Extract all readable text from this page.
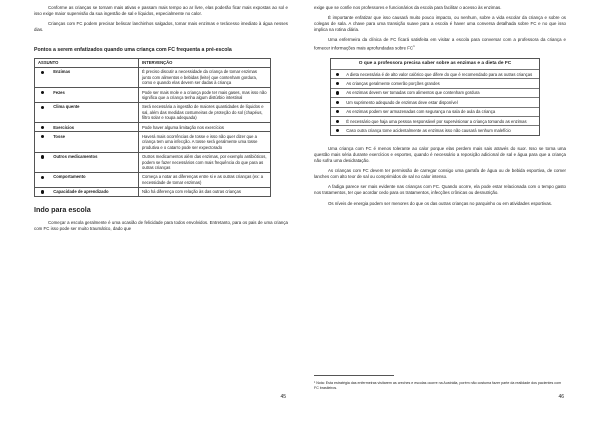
Conforme as crianças se tornam mais ativas e passam mais tempo ao ar livre, elas poderão ficar mais expostas ao sol e isso exige maior supervisão da sua ingestão de sal e líquidos, especialmente no calor.

Crianças com FC podem precisar beliscar lanchinhos salgados, tomar mais enzimas e terácesso imediato à água nesses dias.

Pontos a serem enfatizados quando uma criança com FC frequenta a pré-escola
ASSUNTO	INTERVENÇÃO
Enzimas	É preciso discutir a necessidade da criança de tomar enzimas junto com alimentos e bebidas (leite) que contenham gordura, como e quando elas devem ser dadas à criança
Fezes	Pode ser mais mole e a criança pode ter mais gases, mas isso não significa que a criança tenha algum distúrbio intestinal
Clima quente	Será necessária a ingestão de maiores quantidades de líquidos e sal, além das medidas costumeiras de proteção do sol (chapéus, filtro solar e roupa adequada)
Exercícios	Pode haver alguma limitação nos exercícios
Tosse	Haverá mais ocorrências de tosse e isso não quer dizer que a criança tem uma infecção. A tosse será geralmente uma tosse produtiva e o catarro pode ser expectorado
Outros medicamentos	Outros medicamentos além das enzimas, por exemplo antibióticos, podem se fazer necessários com mais frequência do que para as outras crianças
Comportamento	Começa a notar as diferenças entre si e as outras crianças (ex: a necessidade de tomar enzimas)
Capacidade de aprendizado	Não há diferença com relação às das outras crianças
Indo para escola

Começar a escola geralmente é uma ocasião de felicidade para todos envolvidos. Entretanto, para os pais de uma criança com FC isso pode ser muito traumático, dado que

45

exige que se confie nos professores e funcionários da escola para facilitar o acesso às enzimas.

É importante enfatizar que isso causará muito pouco impacto, ou nenhum, sobre a vida escolar da criança e sobre os colegas de sala. A chave para uma transição suave para a escola é haver uma conversa detalhada sobre FC e no que isso implica na rotina diária.

Uma enfermeira da clínica de FC ficará satisfeita em visitar a escola para conversar com a professora da criança e fornecer informações mais aprofundadas sobre $FC^1$

O que a professora precisa saber sobre as enzimas e a dieta de FC
A dieta necessária é de alto valor calórico que difere do que é recomendado para as outras crianças
As crianças geralmente comerão porções grandes
As enzimas devem ser tomadas com alimentos que contenham gordura
Um suprimento adequado de enzimas deve estar disponível
As enzimas podem ser armazenadas com segurança na sala de aula da criança
É necessário que haja uma pessoa responsável por supervisionar a criança tomando as enzimas
Caso outra criança tome acidentalmente as enzimas isso não causará nenhum malefício

Uma criança com FC é menos tolerante ao calor porque elas perdem mais sais através do suor. Isso se torna uma questão mais séria durante exercícios e esportes, quando é necessário a reposição adicional de sal e água para que a criança não sofra uma desidratação.

As crianças com FC devem ter permissão de carregar consigo uma garrafa de água ou de bebida esportiva, de comer lanches com alto teor de sal ou comprimidos de sal no calor intenso.

A fadiga parece ser mais evidente nas crianças com FC. Quando ocorre, ela pode estar relacionada com o tempo gasto nos tratamentos, ter que acordar cedo para os tratamentos, infecções crônicas ou desnutrição.

Os níveis de energia podem ser menores do que os das outras crianças no parquinho ou em atividades esportivas.

¹ Nota: Esta estratégia das enfermeiras visitarem as creches e escolas ocorre na Austrália, porém não costuma fazer parte da realidade dos pacientes com FC brasileiros.
46
